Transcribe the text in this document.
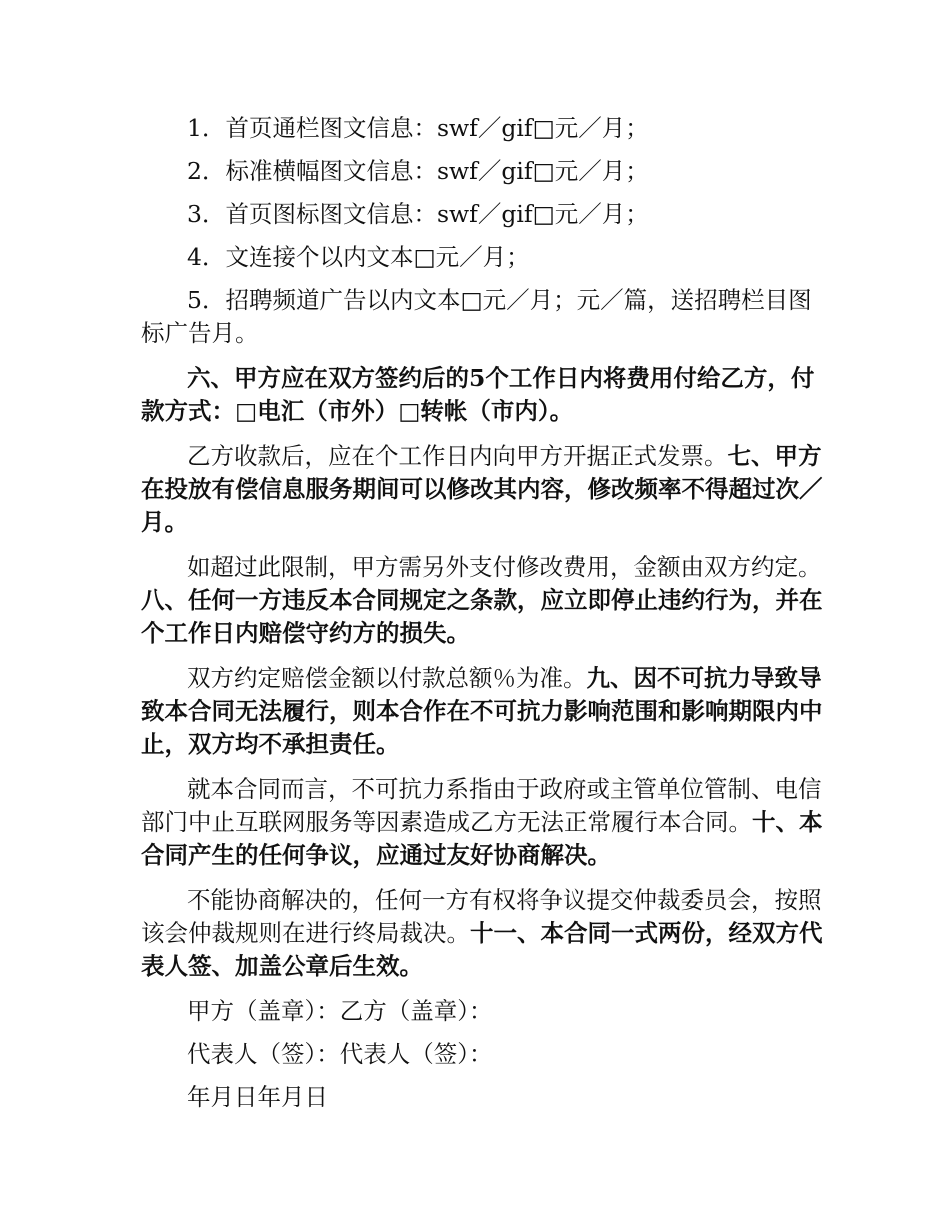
1．首页通栏图文信息：swf／gif□元／月；

2．标准横幅图文信息：swf／gif□元／月；

3．首页图标图文信息：swf／gif□元／月；

4．文连接个以内文本□元／月；

5．招聘频道广告以内文本□元／月；元／篇，送招聘栏目图标广告月。

六、甲方应在双方签约后的5个工作日内将费用付给乙方，付款方式：□电汇（市外）□转帐（市内）。

乙方收款后，应在个工作日内向甲方开据正式发票。七、甲方在投放有偿信息服务期间可以修改其内容，修改频率不得超过次／月。

如超过此限制，甲方需另外支付修改费用，金额由双方约定。八、任何一方违反本合同规定之条款，应立即停止违约行为，并在个工作日内赔偿守约方的损失。

双方约定赔偿金额以付款总额％为准。九、因不可抗力导致导致本合同无法履行，则本合作在不可抗力影响范围和影响期限内中止，双方均不承担责任。

就本合同而言，不可抗力系指由于政府或主管单位管制、电信部门中止互联网服务等因素造成乙方无法正常履行本合同。十、本合同产生的任何争议，应通过友好协商解决。

不能协商解决的，任何一方有权将争议提交仲裁委员会，按照该会仲裁规则在进行终局裁决。十一、本合同一式两份，经双方代表人签、加盖公章后生效。

甲方（盖章）：乙方（盖章）：

代表人（签）：代表人（签）：

年月日年月日
